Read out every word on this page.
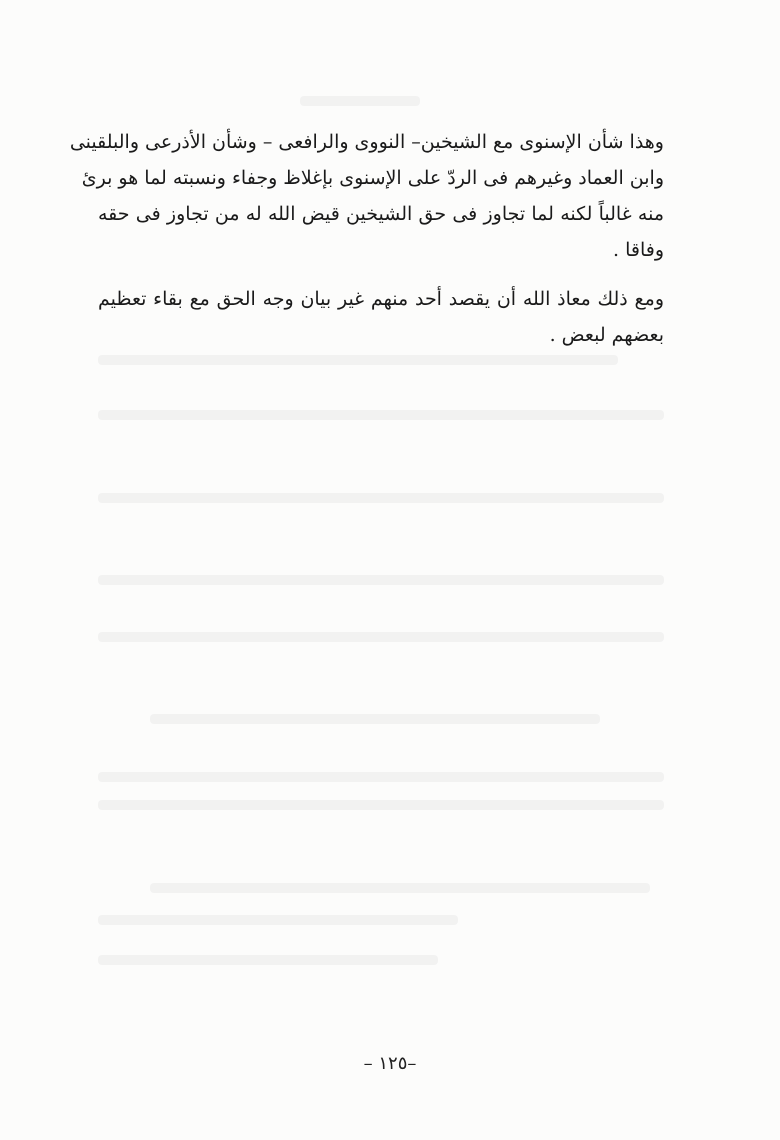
وهذا شأن الإسنوى مع الشيخين– النووى والرافعى – وشأن الأذرعى والبلقينى
وابن العماد وغيرهم فى الردّ على الإسنوى بإغلاظ وجفاء ونسبته لما هو برئ
منه غالباً لكنه لما تجاوز فى حق الشيخين قيض الله له من تجاوز فى حقه
وفاقا .

ومع ذلك معاذ الله أن يقصد أحد منهم غير بيان وجه الحق مع بقاء تعظيم
بعضهم لبعض .

–١٢٥ –
